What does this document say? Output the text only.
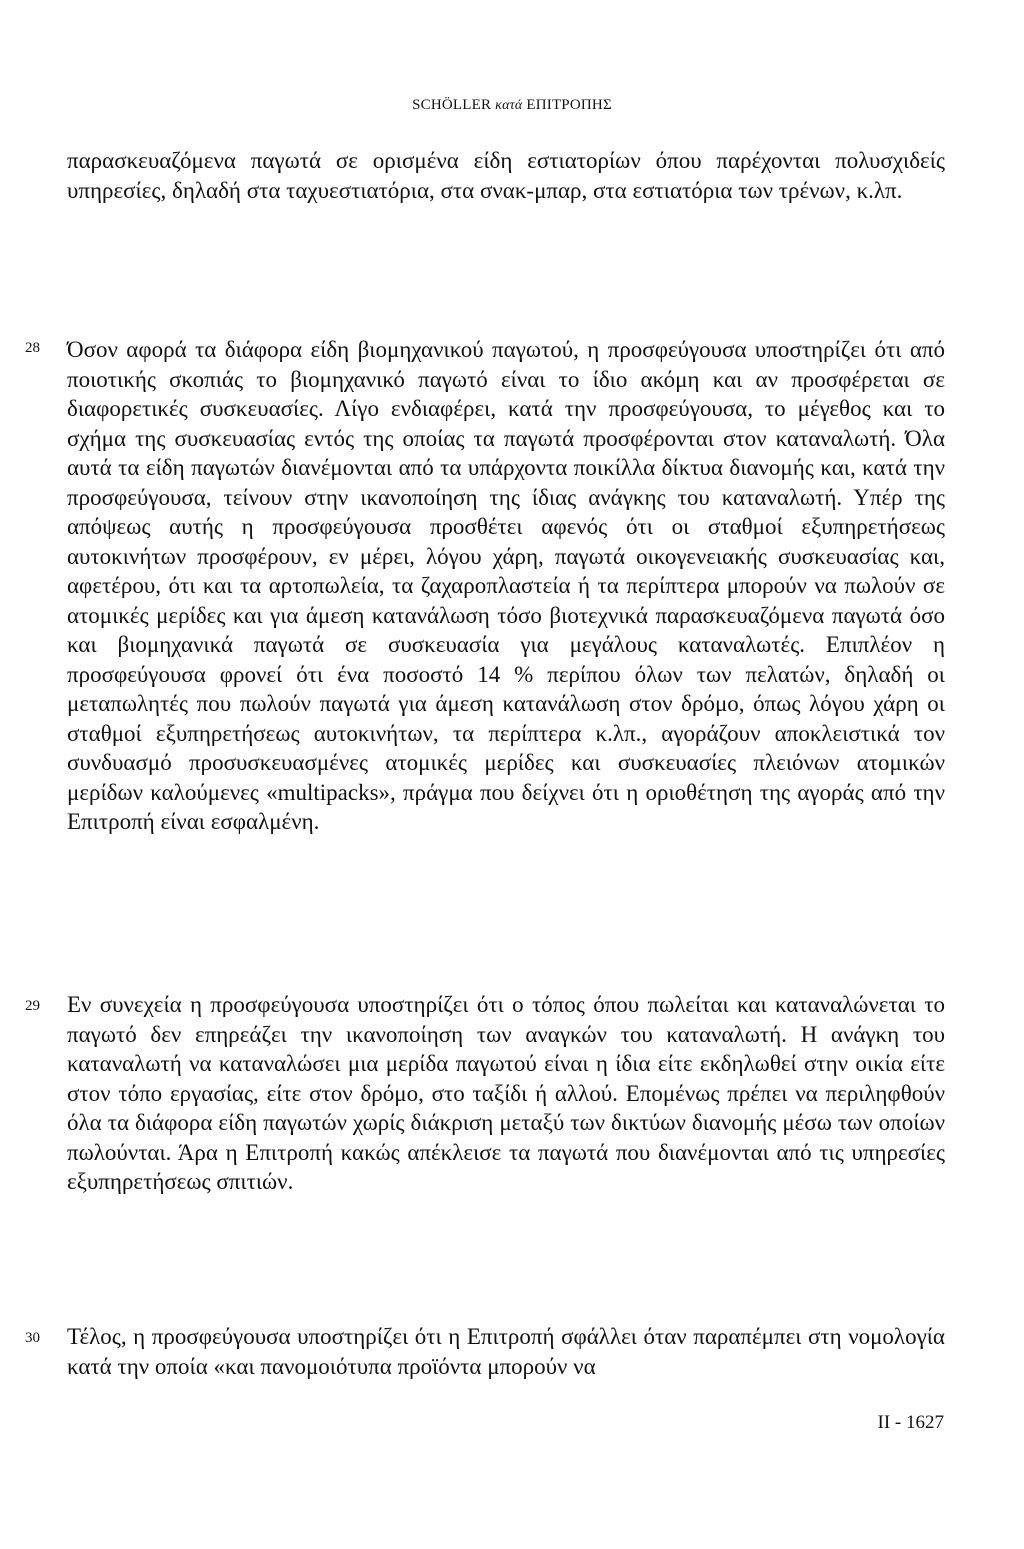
SCHÖLLER κατά ΕΠΙΤΡΟΠΗΣ

παρασκευαζόμενα παγωτά σε ορισμένα είδη εστιατορίων όπου παρέχονται πολυσχιδείς υπηρεσίες, δηλαδή στα ταχυεστιατόρια, στα σνακ-μπαρ, στα εστιατόρια των τρένων, κ.λπ.

28 Όσον αφορά τα διάφορα είδη βιομηχανικού παγωτού, η προσφεύγουσα υποστηρίζει ότι από ποιοτικής σκοπιάς το βιομηχανικό παγωτό είναι το ίδιο ακόμη και αν προσφέρεται σε διαφορετικές συσκευασίες. Λίγο ενδιαφέρει, κατά την προσφεύγουσα, το μέγεθος και το σχήμα της συσκευασίας εντός της οποίας τα παγωτά προσφέρονται στον καταναλωτή. Όλα αυτά τα είδη παγωτών διανέμονται από τα υπάρχοντα ποικίλλα δίκτυα διανομής και, κατά την προσφεύγουσα, τείνουν στην ικανοποίηση της ίδιας ανάγκης του καταναλωτή. Υπέρ της απόψεως αυτής η προσφεύγουσα προσθέτει αφενός ότι οι σταθμοί εξυπηρετήσεως αυτοκινήτων προσφέρουν, εν μέρει, λόγου χάρη, παγωτά οικογενειακής συσκευασίας και, αφετέρου, ότι και τα αρτοπωλεία, τα ζαχαροπλαστεία ή τα περίπτερα μπορούν να πωλούν σε ατομικές μερίδες και για άμεση κατανάλωση τόσο βιοτεχνικά παρασκευαζόμενα παγωτά όσο και βιομηχανικά παγωτά σε συσκευασία για μεγάλους καταναλωτές. Επιπλέον η προσφεύγουσα φρονεί ότι ένα ποσοστό 14 % περίπου όλων των πελατών, δηλαδή οι μεταπωλητές που πωλούν παγωτά για άμεση κατανάλωση στον δρόμο, όπως λόγου χάρη οι σταθμοί εξυπηρετήσεως αυτοκινήτων, τα περίπτερα κ.λπ., αγοράζουν αποκλειστικά τον συνδυασμό προσυσκευασμένες ατομικές μερίδες και συσκευασίες πλειόνων ατομικών μερίδων καλούμενες «multipacks», πράγμα που δείχνει ότι η οριοθέτηση της αγοράς από την Επιτροπή είναι εσφαλμένη.

29 Εν συνεχεία η προσφεύγουσα υποστηρίζει ότι ο τόπος όπου πωλείται και καταναλώνεται το παγωτό δεν επηρεάζει την ικανοποίηση των αναγκών του καταναλωτή. Η ανάγκη του καταναλωτή να καταναλώσει μια μερίδα παγωτού είναι η ίδια είτε εκδηλωθεί στην οικία είτε στον τόπο εργασίας, είτε στον δρόμο, στο ταξίδι ή αλλού. Επομένως πρέπει να περιληφθούν όλα τα διάφορα είδη παγωτών χωρίς διάκριση μεταξύ των δικτύων διανομής μέσω των οποίων πωλούνται. Άρα η Επιτροπή κακώς απέκλεισε τα παγωτά που διανέμονται από τις υπηρεσίες εξυπηρετήσεως σπιτιών.

30 Τέλος, η προσφεύγουσα υποστηρίζει ότι η Επιτροπή σφάλλει όταν παραπέμπει στη νομολογία κατά την οποία «και πανομοιότυπα προϊόντα μπορούν να

II - 1627
